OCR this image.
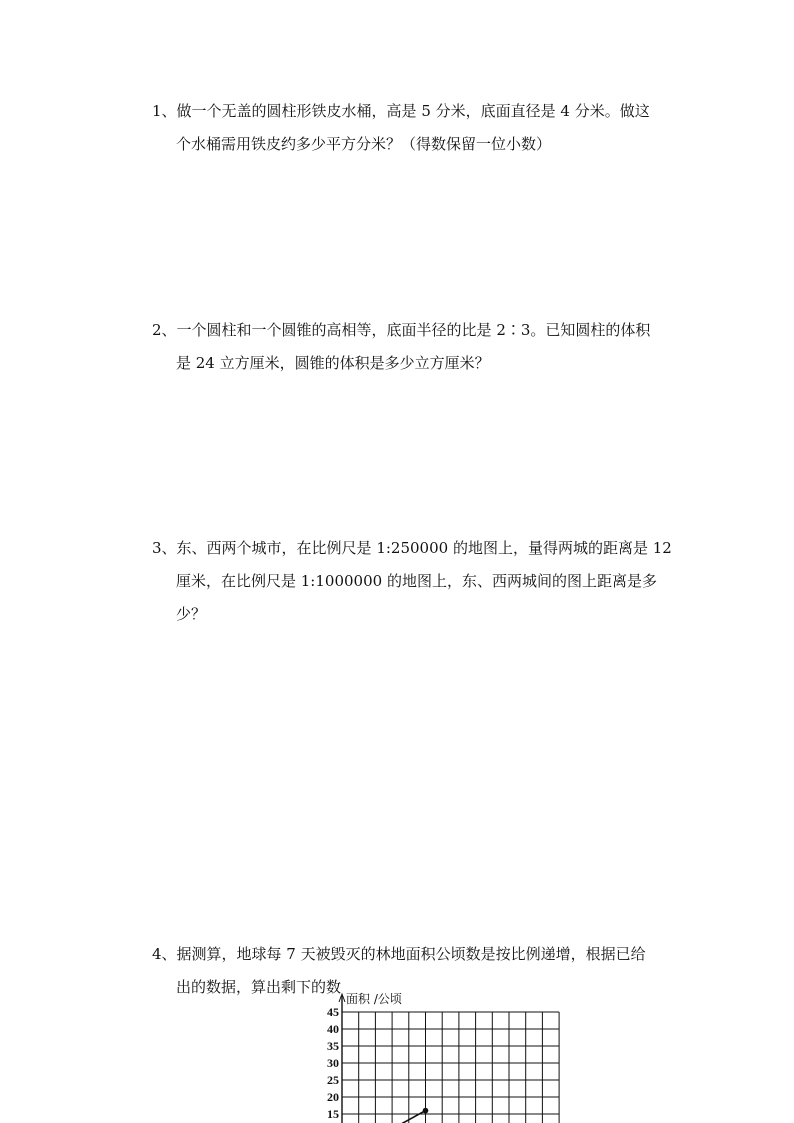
1、做一个无盖的圆柱形铁皮水桶，高是 5 分米，底面直径是 4 分米。做这
个水桶需用铁皮约多少平方分米？（得数保留一位小数）
2、一个圆柱和一个圆锥的高相等，底面半径的比是 2∶3。已知圆柱的体积
是 24 立方厘米，圆锥的体积是多少立方厘米？
3、东、西两个城市，在比例尺是 1:250000 的地图上，量得两城的距离是 12
厘米，在比例尺是 1:1000000 的地图上，东、西两城间的图上距离是多
少？
4、据测算，地球每 7 天被毁灭的林地面积公顷数是按比例递增，根据已给
出的数据，算出剩下的数
面积 /公顷
45
40
35
30
25
20
15
